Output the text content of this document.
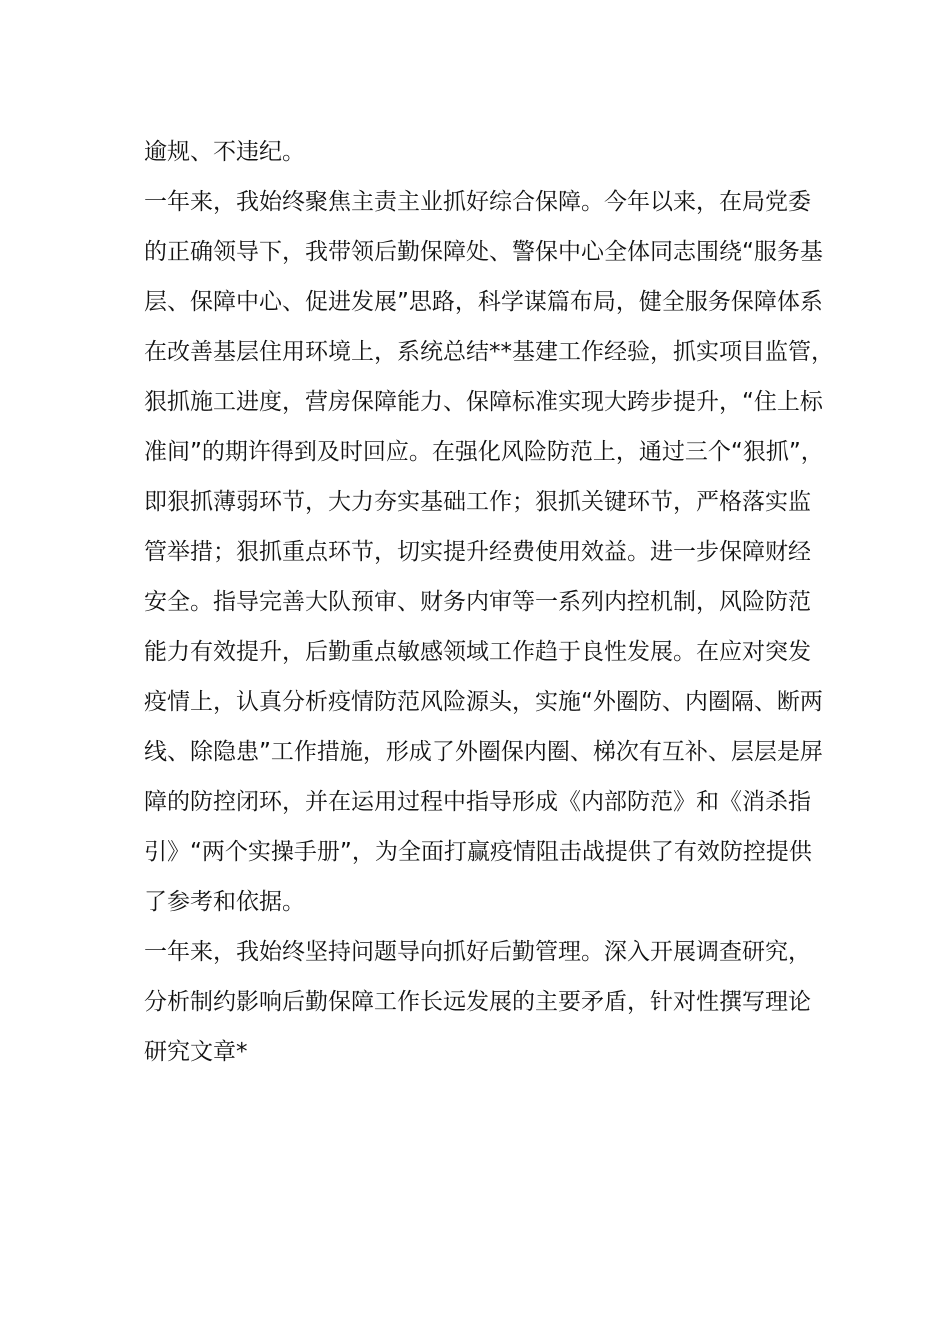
逾规、不违纪。
一年来，我始终聚焦主责主业抓好综合保障。今年以来，在局党委
的正确领导下，我带领后勤保障处、警保中心全体同志围绕“服务基
层、保障中心、促进发展”思路，科学谋篇布局，健全服务保障体系
在改善基层住用环境上，系统总结**基建工作经验，抓实项目监管，
狠抓施工进度，营房保障能力、保障标准实现大跨步提升，“住上标
准间”的期许得到及时回应。在强化风险防范上，通过三个“狠抓”，
即狠抓薄弱环节，大力夯实基础工作；狠抓关键环节，严格落实监
管举措；狠抓重点环节，切实提升经费使用效益。进一步保障财经
安全。指导完善大队预审、财务内审等一系列内控机制，风险防范
能力有效提升，后勤重点敏感领域工作趋于良性发展。在应对突发
疫情上，认真分析疫情防范风险源头，实施“外圈防、内圈隔、断两
线、除隐患”工作措施，形成了外圈保内圈、梯次有互补、层层是屏
障的防控闭环，并在运用过程中指导形成《内部防范》和《消杀指
引》“两个实操手册”，为全面打赢疫情阻击战提供了有效防控提供
了参考和依据。
一年来，我始终坚持问题导向抓好后勤管理。深入开展调查研究，
分析制约影响后勤保障工作长远发展的主要矛盾，针对性撰写理论
研究文章*
